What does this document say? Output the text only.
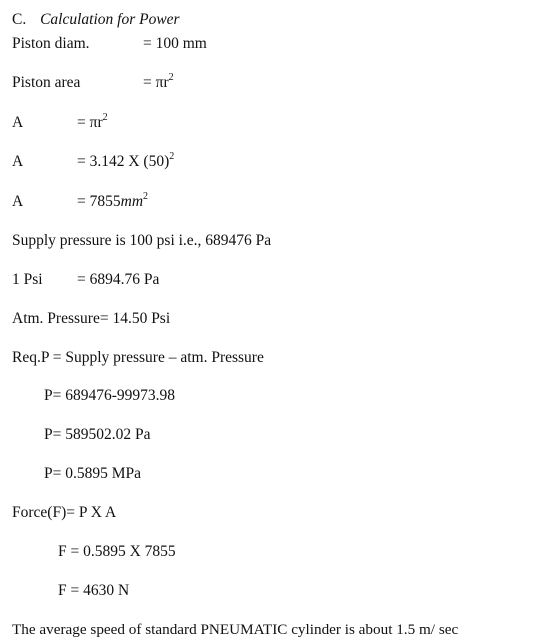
C. Calculation for Power
Piston diam.	= 100 mm
Piston area	= $\pi r^2$
A	= $\pi r^2$
A	= 3.142 X $(50)^2$
A	= $7855mm^2$
Supply pressure is 100 psi i.e., 689476 Pa
1 Psi = 6894.76 Pa
Atm. Pressure= 14.50 Psi
Req.P = Supply pressure – atm. Pressure
P= 689476-99973.98
P= 589502.02 Pa
P= 0.5895 MPa
Force(F)= P X A
F = 0.5895 X 7855
F = 4630 N
The average speed of standard PNEUMATIC cylinder is about 1.5 m/ sec
